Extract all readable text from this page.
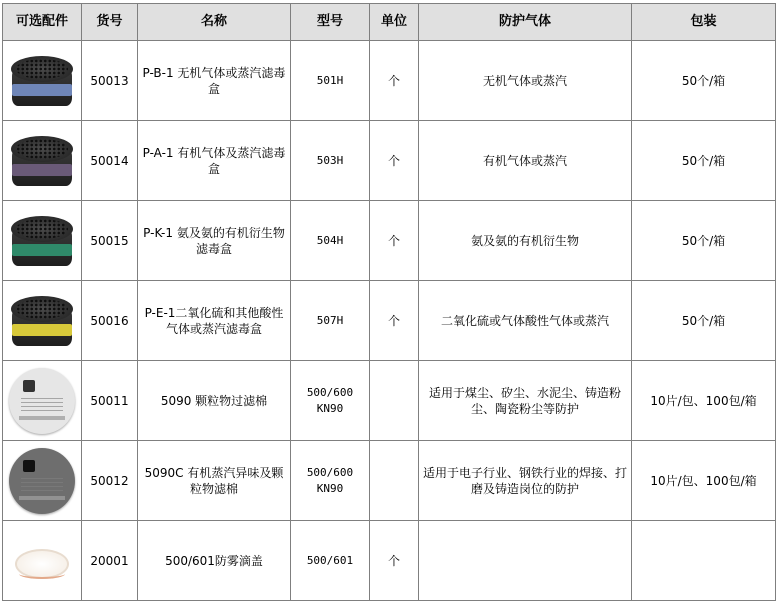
可选配件	货号	名称	型号	单位	防护气体	包装

	50013	P-B-1 无机气体或蒸汽滤毒盒	501H	个	无机气体或蒸汽	50个/箱

	50014	P-A-1 有机气体及蒸汽滤毒盒	503H	个	有机气体或蒸汽	50个/箱

	50015	P-K-1 氨及氨的有机衍生物滤毒盒	504H	个	氨及氨的有机衍生物	50个/箱

	50016	P-E-1二氧化硫和其他酸性气体或蒸汽滤毒盒	507H	个	二氧化硫或气体酸性气体或蒸汽	50个/箱

	50011	5090 颗粒物过滤棉	500/600 KN90		适用于煤尘、矽尘、水泥尘、铸造粉尘、陶瓷粉尘等防护	10片/包、100包/箱

	50012	5090C 有机蒸汽异味及颗粒物滤棉	500/600 KN90		适用于电子行业、钢铁行业的焊接、打磨及铸造岗位的防护	10片/包、100包/箱

	20001	500/601防雾滴盖	500/601	个		
